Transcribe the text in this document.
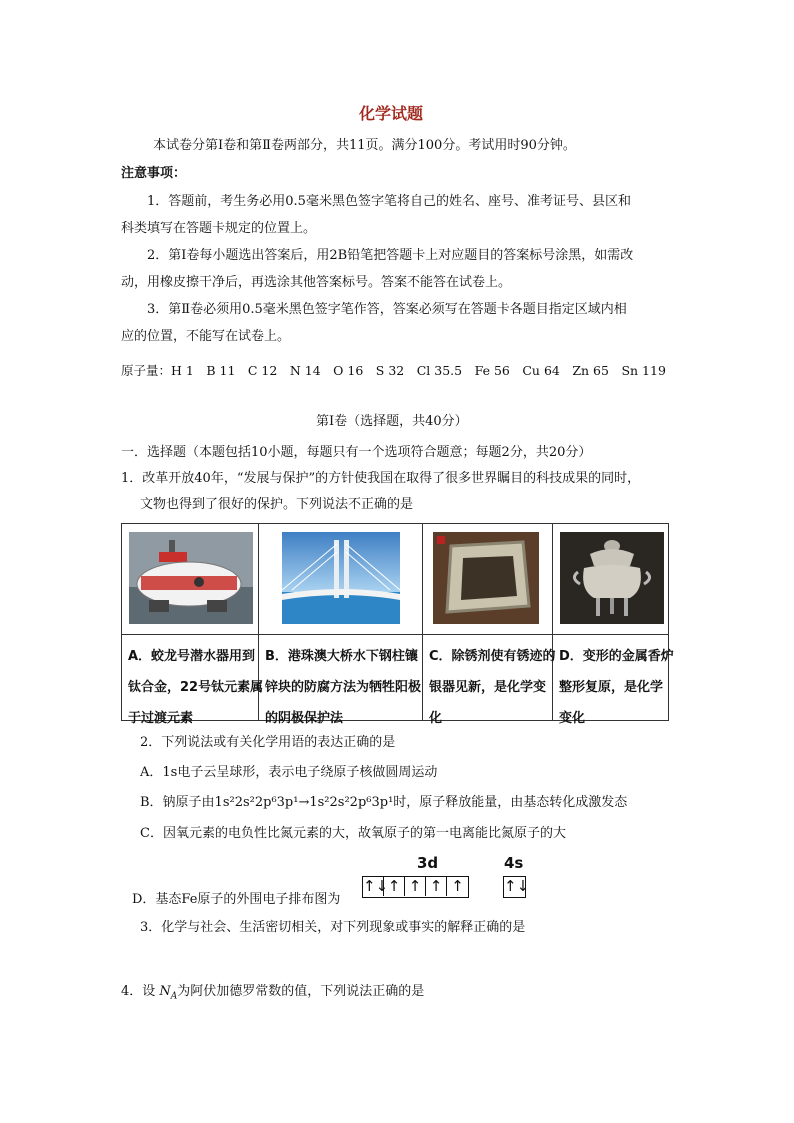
化学试题
本试卷分第Ⅰ卷和第Ⅱ卷两部分，共11页。满分100分。考试用时90分钟。
注意事项：
1．答题前，考生务必用0.5毫米黑色签字笔将自己的姓名、座号、准考证号、县区和
科类填写在答题卡规定的位置上。
2．第Ⅰ卷每小题选出答案后，用2B铅笔把答题卡上对应题目的答案标号涂黑，如需改
动，用橡皮擦干净后，再选涂其他答案标号。答案不能答在试卷上。
3．第Ⅱ卷必须用0.5毫米黑色签字笔作答，答案必须写在答题卡各题目指定区域内相
应的位置，不能写在试卷上。
原子量：H 1　B 11　C 12　N 14　O 16　S 32　Cl 35.5　Fe 56　Cu 64　Zn 65　Sn 119
第Ⅰ卷（选择题，共40分）
一．选择题（本题包括10小题，每题只有一个选项符合题意；每题2分，共20分）
1．改革开放40年，“发展与保护”的方针使我国在取得了很多世界瞩目的科技成果的同时，
文物也得到了很好的保护。下列说法不正确的是
A．蛟龙号潜水器用到钛合金，22号钛元素属于过渡元素
B．港珠澳大桥水下钢柱镶锌块的防腐方法为牺牲阳极的阴极保护法
C．除锈剂使有锈迹的银器见新，是化学变化
D．变形的金属香炉整形复原，是化学变化
2．下列说法或有关化学用语的表达正确的是
A．1s电子云呈球形，表示电子绕原子核做圆周运动
B．钠原子由1s²2s²2p⁶3p¹→1s²2s²2p⁶3p¹时，原子释放能量，由基态转化成激发态
C．因氧元素的电负性比氮元素的大，故氧原子的第一电离能比氮原子的大
D．基态Fe原子的外围电子排布图为
3d	4s
↑↓ ↑ ↑ ↑ ↑	↑↓
3．化学与社会、生活密切相关，对下列现象或事实的解释正确的是
4．设 $N_A$为阿伏加德罗常数的值，下列说法正确的是
